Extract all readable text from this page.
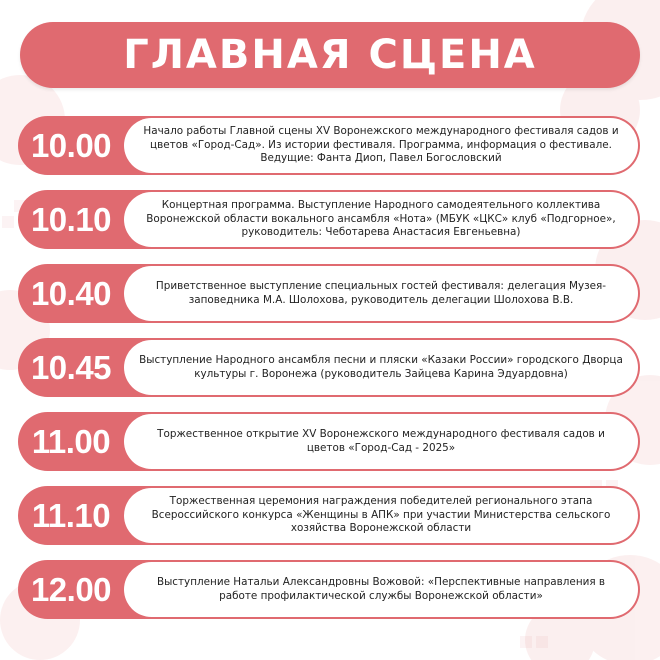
ГЛАВНАЯ СЦЕНА
10.00	Начало работы Главной сцены XV Воронежского международного фестиваля садов и цветов «Город-Сад». Из истории фестиваля. Программа, информация о фестивале. Ведущие: Фанта Диоп, Павел Богословский
10.10	Концертная программа. Выступление Народного самодеятельного коллектива Воронежской области вокального ансамбля «Нота» (МБУК «ЦКС» клуб «Подгорное», руководитель: Чеботарева Анастасия Евгеньевна)
10.40	Приветственное выступление специальных гостей фестиваля: делегация Музея-заповедника М.А. Шолохова, руководитель делегации Шолохова В.В.
10.45	Выступление Народного ансамбля песни и пляски «Казаки России» городского Дворца культуры г. Воронежа (руководитель Зайцева Карина Эдуардовна)
11.00	Торжественное открытие XV Воронежского международного фестиваля садов и цветов «Город-Сад - 2025»
11.10	Торжественная церемония награждения победителей регионального этапа Всероссийского конкурса «Женщины в АПК» при участии Министерства сельского хозяйства Воронежской области
12.00	Выступление Натальи Александровны Вожовой: «Перспективные направления в работе профилактической службы Воронежской области»
